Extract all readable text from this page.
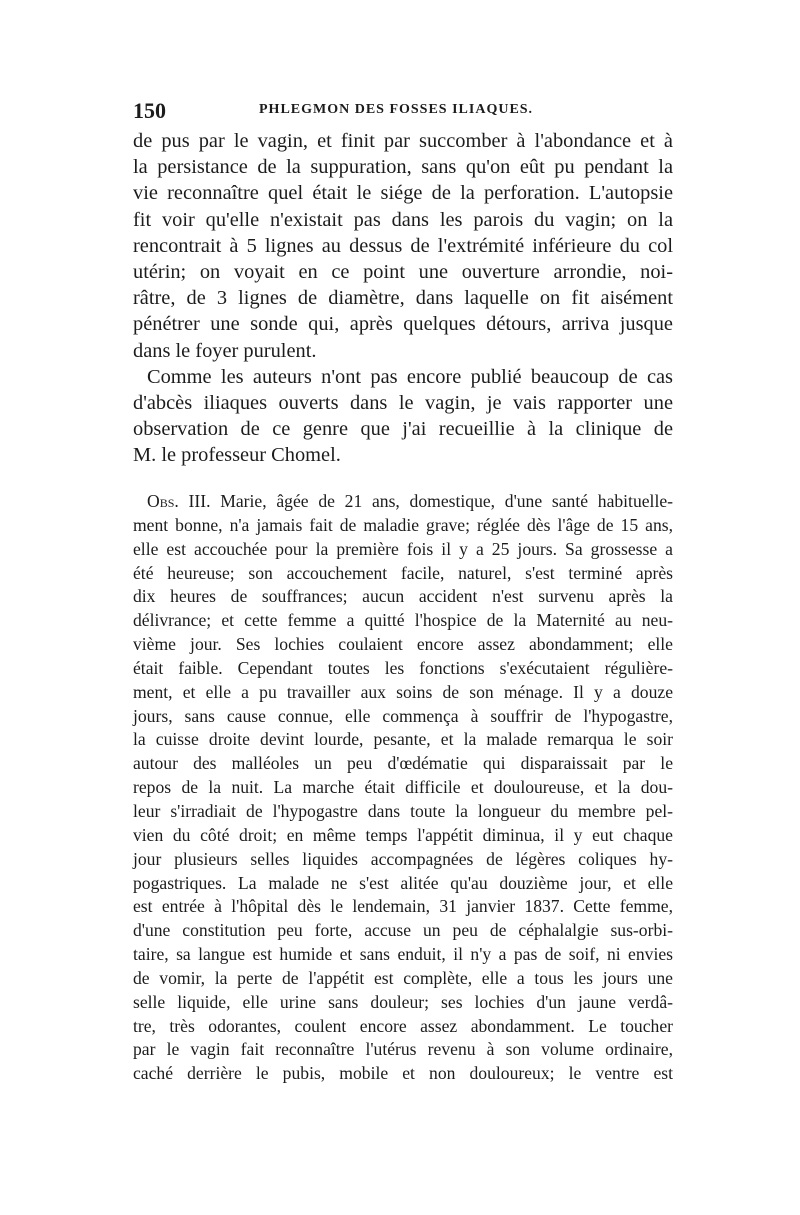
150	PHLEGMON DES FOSSES ILIAQUES.
de pus par le vagin, et finit par succomber à l'abondance et à
la persistance de la suppuration, sans qu'on eût pu pendant la
vie reconnaître quel était le siége de la perforation. L'autopsie
fit voir qu'elle n'existait pas dans les parois du vagin; on la
rencontrait à 5 lignes au dessus de l'extrémité inférieure du col
utérin; on voyait en ce point une ouverture arrondie, noi-
râtre, de 3 lignes de diamètre, dans laquelle on fit aisément
pénétrer une sonde qui, après quelques détours, arriva jusque
dans le foyer purulent.
Comme les auteurs n'ont pas encore publié beaucoup de cas
d'abcès iliaques ouverts dans le vagin, je vais rapporter une
observation de ce genre que j'ai recueillie à la clinique de
M. le professeur Chomel.
Obs. III. Marie, âgée de 21 ans, domestique, d'une santé habituelle-
ment bonne, n'a jamais fait de maladie grave; réglée dès l'âge de 15 ans,
elle est accouchée pour la première fois il y a 25 jours. Sa grossesse a
été heureuse; son accouchement facile, naturel, s'est terminé après
dix heures de souffrances; aucun accident n'est survenu après la
délivrance; et cette femme a quitté l'hospice de la Maternité au neu-
vième jour. Ses lochies coulaient encore assez abondamment; elle
était faible. Cependant toutes les fonctions s'exécutaient régulière-
ment, et elle a pu travailler aux soins de son ménage. Il y a douze
jours, sans cause connue, elle commença à souffrir de l'hypogastre,
la cuisse droite devint lourde, pesante, et la malade remarqua le soir
autour des malléoles un peu d'œdématie qui disparaissait par le
repos de la nuit. La marche était difficile et douloureuse, et la dou-
leur s'irradiait de l'hypogastre dans toute la longueur du membre pel-
vien du côté droit; en même temps l'appétit diminua, il y eut chaque
jour plusieurs selles liquides accompagnées de légères coliques hy-
pogastriques. La malade ne s'est alitée qu'au douzième jour, et elle
est entrée à l'hôpital dès le lendemain, 31 janvier 1837. Cette femme,
d'une constitution peu forte, accuse un peu de céphalalgie sus-orbi-
taire, sa langue est humide et sans enduit, il n'y a pas de soif, ni envies
de vomir, la perte de l'appétit est complète, elle a tous les jours une
selle liquide, elle urine sans douleur; ses lochies d'un jaune verdâ-
tre, très odorantes, coulent encore assez abondamment. Le toucher
par le vagin fait reconnaître l'utérus revenu à son volume ordinaire,
caché derrière le pubis, mobile et non douloureux; le ventre est
